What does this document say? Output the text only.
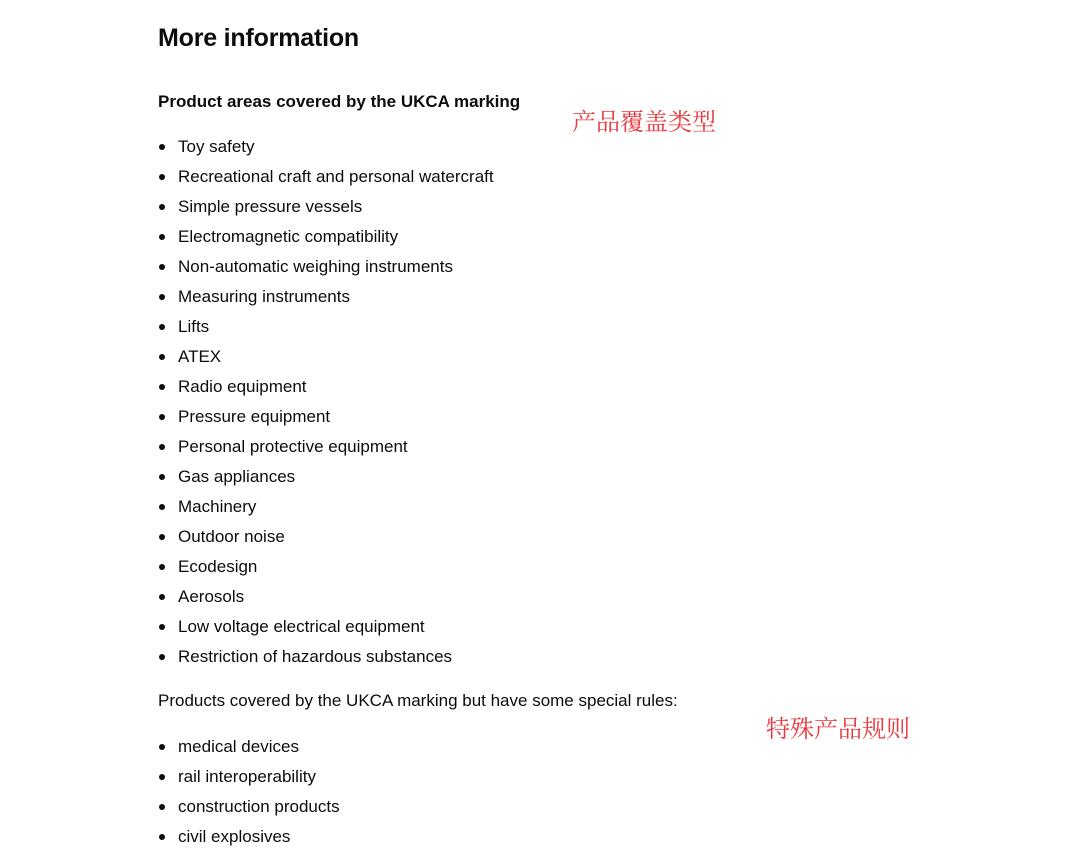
More information
Product areas covered by the UKCA marking
Toy safety
Recreational craft and personal watercraft
Simple pressure vessels
Electromagnetic compatibility
Non-automatic weighing instruments
Measuring instruments
Lifts
ATEX
Radio equipment
Pressure equipment
Personal protective equipment
Gas appliances
Machinery
Outdoor noise
Ecodesign
Aerosols
Low voltage electrical equipment
Restriction of hazardous substances

Products covered by the UKCA marking but have some special rules:

medical devices
rail interoperability
construction products
civil explosives
产品覆盖类型
特殊产品规则
